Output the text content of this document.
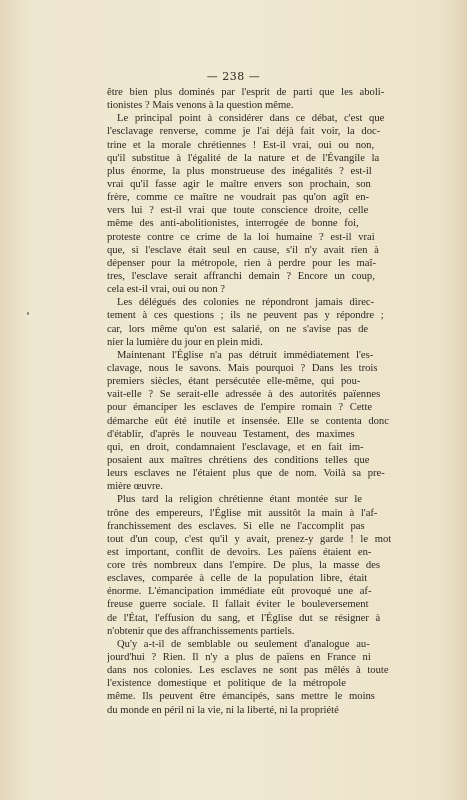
— 238 —
être bien plus dominés par l'esprit de parti que les aboli-
tionistes ? Mais venons à la question même.
Le principal point à considérer dans ce débat, c'est que
l'esclavage renverse, comme je l'ai déjà fait voir, la doc-
trine et la morale chrétiennes ! Est-il vrai, oui ou non,
qu'il substitue à l'égalité de la nature et de l'Évangile la
plus énorme, la plus monstrueuse des inégalités ? est-il
vrai qu'il fasse agir le maître envers son prochain, son
frère, comme ce maître ne voudrait pas qu'on agît en-
vers lui ? est-il vrai que toute conscience droite, celle
même des anti-abolitionistes, interrogée de bonne foi,
proteste contre ce crime de la loi humaine ? est-il vrai
que, si l'esclave était seul en cause, s'il n'y avait rien à
dépenser pour la métropole, rien à perdre pour les maî-
tres, l'esclave serait affranchi demain ? Encore un coup,
cela est-il vrai, oui ou non ?
Les délégués des colonies ne répondront jamais direc-
tement à ces questions ; ils ne peuvent pas y répondre ;
car, lors même qu'on est salarié, on ne s'avise pas de
nier la lumière du jour en plein midi.
Maintenant l'Église n'a pas détruit immédiatement l'es-
clavage, nous le savons. Mais pourquoi ? Dans les trois
premiers siècles, étant persécutée elle-même, qui pou-
vait-elle ? Se serait-elle adressée à des autorités païennes
pour émanciper les esclaves de l'empire romain ? Cette
démarche eût été inutile et insensée. Elle se contenta donc
d'établir, d'après le nouveau Testament, des maximes
qui, en droit, condamnaient l'esclavage, et en fait im-
posaient aux maîtres chrétiens des conditions telles que
leurs esclaves ne l'étaient plus que de nom. Voilà sa pre-
mière œuvre.
Plus tard la religion chrétienne étant montée sur le
trône des empereurs, l'Église mit aussitôt la main à l'af-
franchissement des esclaves. Si elle ne l'accomplit pas
tout d'un coup, c'est qu'il y avait, prenez-y garde ! le mot
est important, conflit de devoirs. Les païens étaient en-
core très nombreux dans l'empire. De plus, la masse des
esclaves, comparée à celle de la population libre, était
énorme. L'émancipation immédiate eût provoqué une af-
freuse guerre sociale. Il fallait éviter le bouleversement
de l'État, l'effusion du sang, et l'Église dut se résigner à
n'obtenir que des affranchissements partiels.
Qu'y a-t-il de semblable ou seulement d'analogue au-
jourd'hui ? Rien. Il n'y a plus de païens en France ni
dans nos colonies. Les esclaves ne sont pas mêlés à toute
l'existence domestique et politique de la métropole
même. Ils peuvent être émancipés, sans mettre le moins
du monde en péril ni la vie, ni la liberté, ni la propriété
